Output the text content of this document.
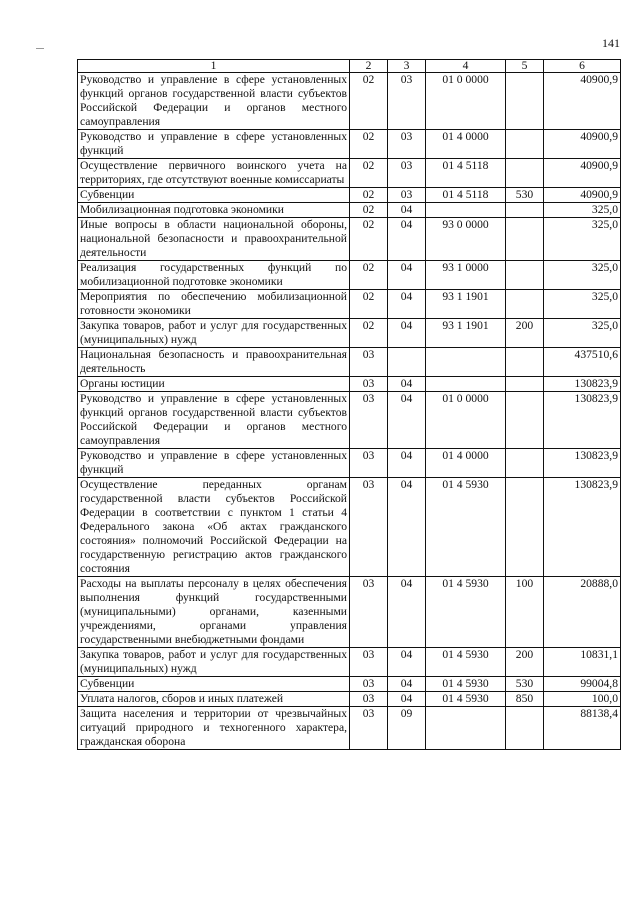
141
1	2	3	4	5	6
Руководство и управление в сфере установленных функций органов государственной власти субъектов Российской Федерации и органов местного самоуправления	02	03	01 0 0000		40900,9
Руководство и управление в сфере установленных функций	02	03	01 4 0000		40900,9
Осуществление первичного воинского учета на территориях, где отсутствуют военные комиссариаты	02	03	01 4 5118		40900,9
Субвенции	02	03	01 4 5118	530	40900,9
Мобилизационная подготовка экономики	02	04			325,0
Иные вопросы в области национальной обороны, национальной безопасности и правоохранительной деятельности	02	04	93 0 0000		325,0
Реализация государственных функций по мобилизационной подготовке экономики	02	04	93 1 0000		325,0
Мероприятия по обеспечению мобилизационной готовности экономики	02	04	93 1 1901		325,0
Закупка товаров, работ и услуг для государственных (муниципальных) нужд	02	04	93 1 1901	200	325,0
Национальная безопасность и правоохранительная деятельность	03				437510,6
Органы юстиции	03	04			130823,9
Руководство и управление в сфере установленных функций органов государственной власти субъектов Российской Федерации и органов местного самоуправления	03	04	01 0 0000		130823,9
Руководство и управление в сфере установленных функций	03	04	01 4 0000		130823,9
Осуществление переданных органам государственной власти субъектов Российской Федерации в соответствии с пунктом 1 статьи 4 Федерального закона «Об актах гражданского состояния» полномочий Российской Федерации на государственную регистрацию актов гражданского состояния	03	04	01 4 5930		130823,9
Расходы на выплаты персоналу в целях обеспечения выполнения функций государственными (муниципальными) органами, казенными учреждениями, органами управления государственными внебюджетными фондами	03	04	01 4 5930	100	20888,0
Закупка товаров, работ и услуг для государственных (муниципальных) нужд	03	04	01 4 5930	200	10831,1
Субвенции	03	04	01 4 5930	530	99004,8
Уплата налогов, сборов и иных платежей	03	04	01 4 5930	850	100,0
Защита населения и территории от чрезвычайных ситуаций природного и техногенного характера, гражданская оборона	03	09			88138,4
